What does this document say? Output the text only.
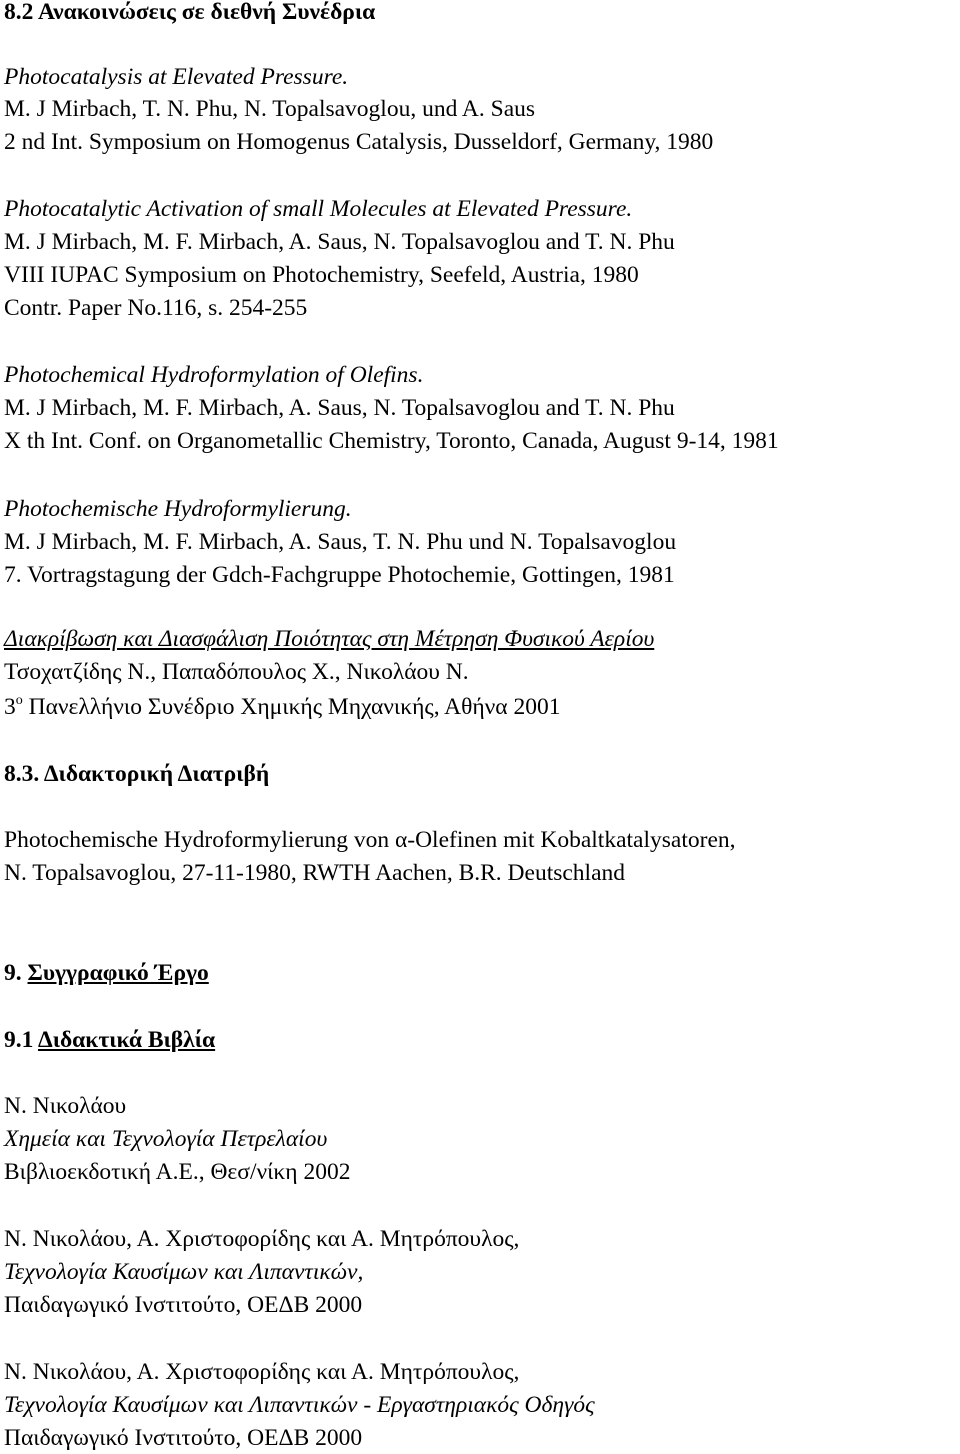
8.2 Ανακοινώσεις σε διεθνή Συνέδρια
Photocatalysis at Elevated Pressure.
M. J Mirbach, T. N. Phu, N. Topalsavoglou, und A. Saus
2 nd Int. Symposium on Homogenus Catalysis, Dusseldorf, Germany, 1980
Photocatalytic Activation of small Molecules at Elevated Pressure.
M. J Mirbach, M. F. Mirbach, A. Saus, N. Topalsavoglou and T. N. Phu
VIII IUPAC Symposium on Photochemistry, Seefeld, Austria, 1980
Contr. Paper No.116, s. 254-255
Photochemical Hydroformylation of Olefins.
M. J Mirbach, M. F. Mirbach, A. Saus, N. Topalsavoglou and T. N. Phu
X th Int. Conf. on Organometallic Chemistry, Toronto, Canada, August 9-14, 1981
Photochemische Hydroformylierung.
M. J Mirbach, M. F. Mirbach, A. Saus, T. N. Phu und N. Topalsavoglou
7. Vortragstagung der Gdch-Fachgruppe Photochemie, Gottingen, 1981
Διακρίβωση και Διασφάλιση Ποιότητας στη Μέτρηση Φυσικού Αερίου
Τσοχατζίδης Ν., Παπαδόπουλος Χ., Νικολάου Ν.
$3^o$ Πανελλήνιο Συνέδριο Χημικής Μηχανικής, Αθήνα 2001
8.3. Διδακτορική Διατριβή
Photochemische Hydroformylierung von α-Olefinen mit Kobaltkatalysatoren,
N. Topalsavoglou, 27-11-1980, RWTH Aachen, B.R. Deutschland
9. Συγγραφικό Έργο
9.1 Διδακτικά Βιβλία
Ν. Νικολάου
Χημεία και Τεχνολογία Πετρελαίου
Βιβλιοεκδοτική Α.Ε., Θεσ/νίκη 2002
Ν. Νικολάου, Α. Χριστοφορίδης και Α. Μητρόπουλος,
Τεχνολογία Καυσίμων και Λιπαντικών,
Παιδαγωγικό Ινστιτούτο, ΟΕΔΒ 2000
Ν. Νικολάου, Α. Χριστοφορίδης και Α. Μητρόπουλος,
Τεχνολογία Καυσίμων και Λιπαντικών - Εργαστηριακός Οδηγός
Παιδαγωγικό Ινστιτούτο, ΟΕΔΒ 2000
